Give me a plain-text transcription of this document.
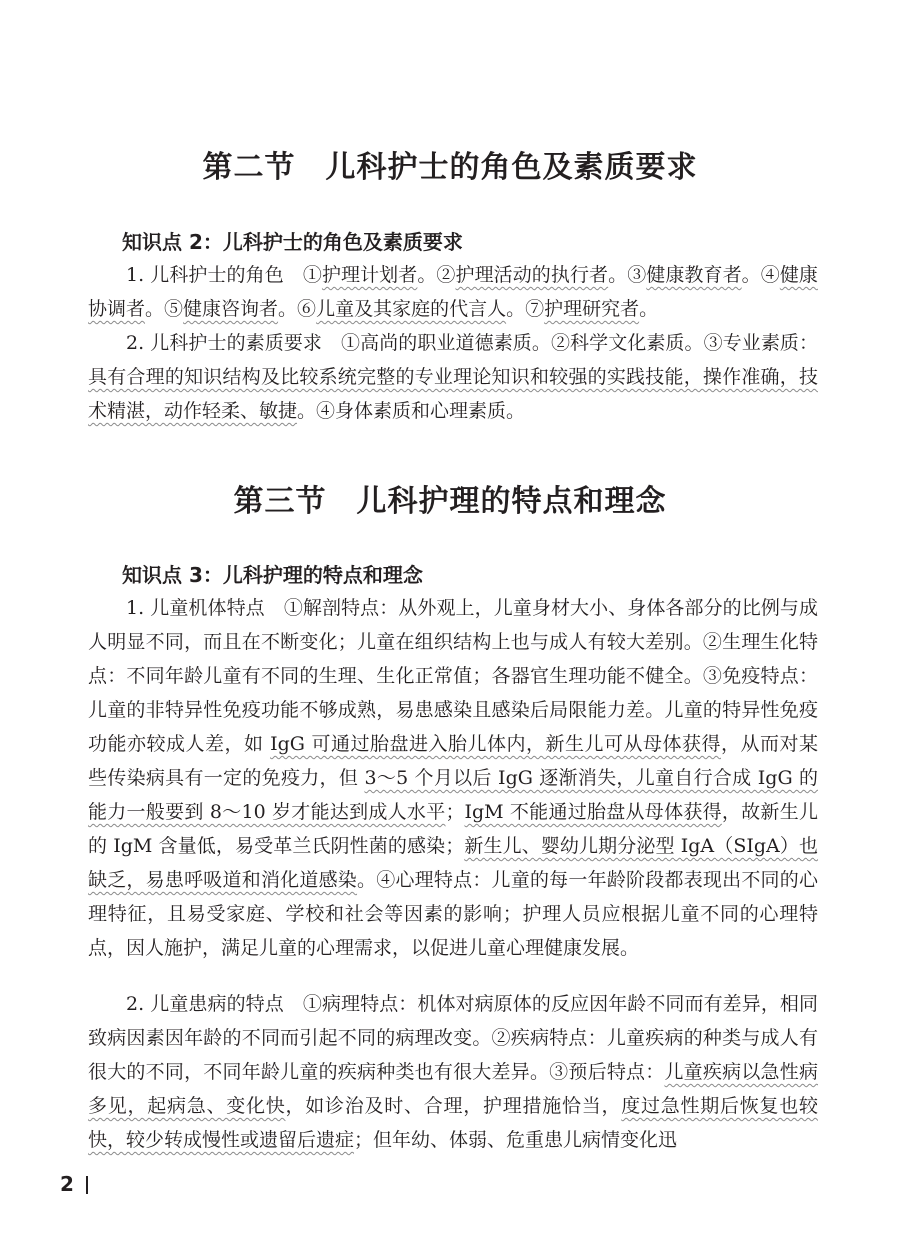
第二节 儿科护士的角色及素质要求
知识点 2：儿科护士的角色及素质要求

1. 儿科护士的角色　①护理计划者。②护理活动的执行者。③健康教育者。④健康协调者。⑤健康咨询者。⑥儿童及其家庭的代言人。⑦护理研究者。

2. 儿科护士的素质要求　①高尚的职业道德素质。②科学文化素质。③专业素质：具有合理的知识结构及比较系统完整的专业理论知识和较强的实践技能，操作准确，技术精湛，动作轻柔、敏捷。④身体素质和心理素质。

第三节 儿科护理的特点和理念
知识点 3：儿科护理的特点和理念

1. 儿童机体特点　①解剖特点：从外观上，儿童身材大小、身体各部分的比例与成人明显不同，而且在不断变化；儿童在组织结构上也与成人有较大差别。②生理生化特点：不同年龄儿童有不同的生理、生化正常值；各器官生理功能不健全。③免疫特点：儿童的非特异性免疫功能不够成熟，易患感染且感染后局限能力差。儿童的特异性免疫功能亦较成人差，如 IgG 可通过胎盘进入胎儿体内，新生儿可从母体获得，从而对某些传染病具有一定的免疫力，但 3～5 个月以后 IgG 逐渐消失，儿童自行合成 IgG 的能力一般要到 8～10 岁才能达到成人水平；IgM 不能通过胎盘从母体获得，故新生儿的 IgM 含量低，易受革兰氏阴性菌的感染；新生儿、婴幼儿期分泌型 IgA（SIgA）也缺乏，易患呼吸道和消化道感染。④心理特点：儿童的每一年龄阶段都表现出不同的心理特征，且易受家庭、学校和社会等因素的影响；护理人员应根据儿童不同的心理特点，因人施护，满足儿童的心理需求，以促进儿童心理健康发展。

2. 儿童患病的特点　①病理特点：机体对病原体的反应因年龄不同而有差异，相同致病因素因年龄的不同而引起不同的病理改变。②疾病特点：儿童疾病的种类与成人有很大的不同，不同年龄儿童的疾病种类也有很大差异。③预后特点：儿童疾病以急性病多见，起病急、变化快，如诊治及时、合理，护理措施恰当，度过急性期后恢复也较快，较少转成慢性或遗留后遗症；但年幼、体弱、危重患儿病情变化迅

2
